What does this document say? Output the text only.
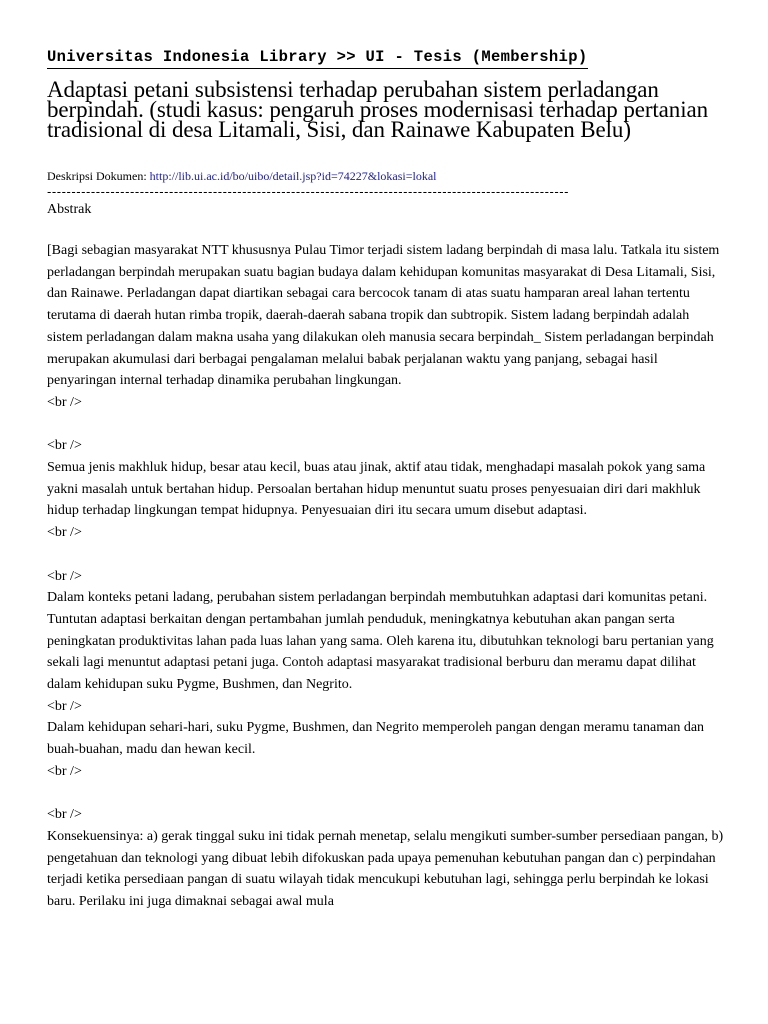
Universitas Indonesia Library >> UI - Tesis (Membership)
Adaptasi petani subsistensi terhadap perubahan sistem perladangan berpindah. (studi kasus: pengaruh proses modernisasi terhadap pertanian tradisional di desa Litamali, Sisi, dan Rainawe Kabupaten Belu)
Deskripsi Dokumen: http://lib.ui.ac.id/bo/uibo/detail.jsp?id=74227&lokasi=lokal
-----------------------------------------------------------------------------------------------------------
Abstrak

[Bagi sebagian masyarakat NTT khususnya Pulau Timor terjadi sistem ladang berpindah di masa lalu. Tatkala itu sistem perladangan berpindah merupakan suatu bagian budaya dalam kehidupan komunitas masyarakat di Desa Litamali, Sisi, dan Rainawe. Perladangan dapat diartikan sebagai cara bercocok tanam di atas suatu hamparan areal lahan tertentu terutama di daerah hutan rimba tropik, daerah-daerah sabana tropik dan subtropik. Sistem ladang berpindah adalah sistem perladangan dalam makna usaha yang dilakukan oleh manusia secara berpindah_ Sistem perladangan berpindah merupakan akumulasi dari berbagai pengalaman melalui babak perjalanan waktu yang panjang, sebagai hasil penyaringan internal terhadap dinamika perubahan lingkungan.

<br />

<br />

Semua jenis makhluk hidup, besar atau kecil, buas atau jinak, aktif atau tidak, menghadapi masalah pokok yang sama yakni masalah untuk bertahan hidup. Persoalan bertahan hidup menuntut suatu proses penyesuaian diri dari makhluk hidup terhadap lingkungan tempat hidupnya. Penyesuaian diri itu secara umum disebut adaptasi.

<br />

<br />

Dalam konteks petani ladang, perubahan sistem perladangan berpindah membutuhkan adaptasi dari komunitas petani. Tuntutan adaptasi berkaitan dengan pertambahan jumlah penduduk, meningkatnya kebutuhan akan pangan serta peningkatan produktivitas lahan pada luas lahan yang sama. Oleh karena itu, dibutuhkan teknologi baru pertanian yang sekali lagi menuntut adaptasi petani juga. Contoh adaptasi masyarakat tradisional berburu dan meramu dapat dilihat dalam kehidupan suku Pygme, Bushmen, dan Negrito.

<br />

Dalam kehidupan sehari-hari, suku Pygme, Bushmen, dan Negrito memperoleh pangan dengan meramu tanaman dan buah-buahan, madu dan hewan kecil.

<br />

<br />

Konsekuensinya: a) gerak tinggal suku ini tidak pernah menetap, selalu mengikuti sumber-sumber persediaan pangan, b) pengetahuan dan teknologi yang dibuat lebih difokuskan pada upaya pemenuhan kebutuhan pangan dan c) perpindahan terjadi ketika persediaan pangan di suatu wilayah tidak mencukupi kebutuhan lagi, sehingga perlu berpindah ke lokasi baru. Perilaku ini juga dimaknai sebagai awal mula
